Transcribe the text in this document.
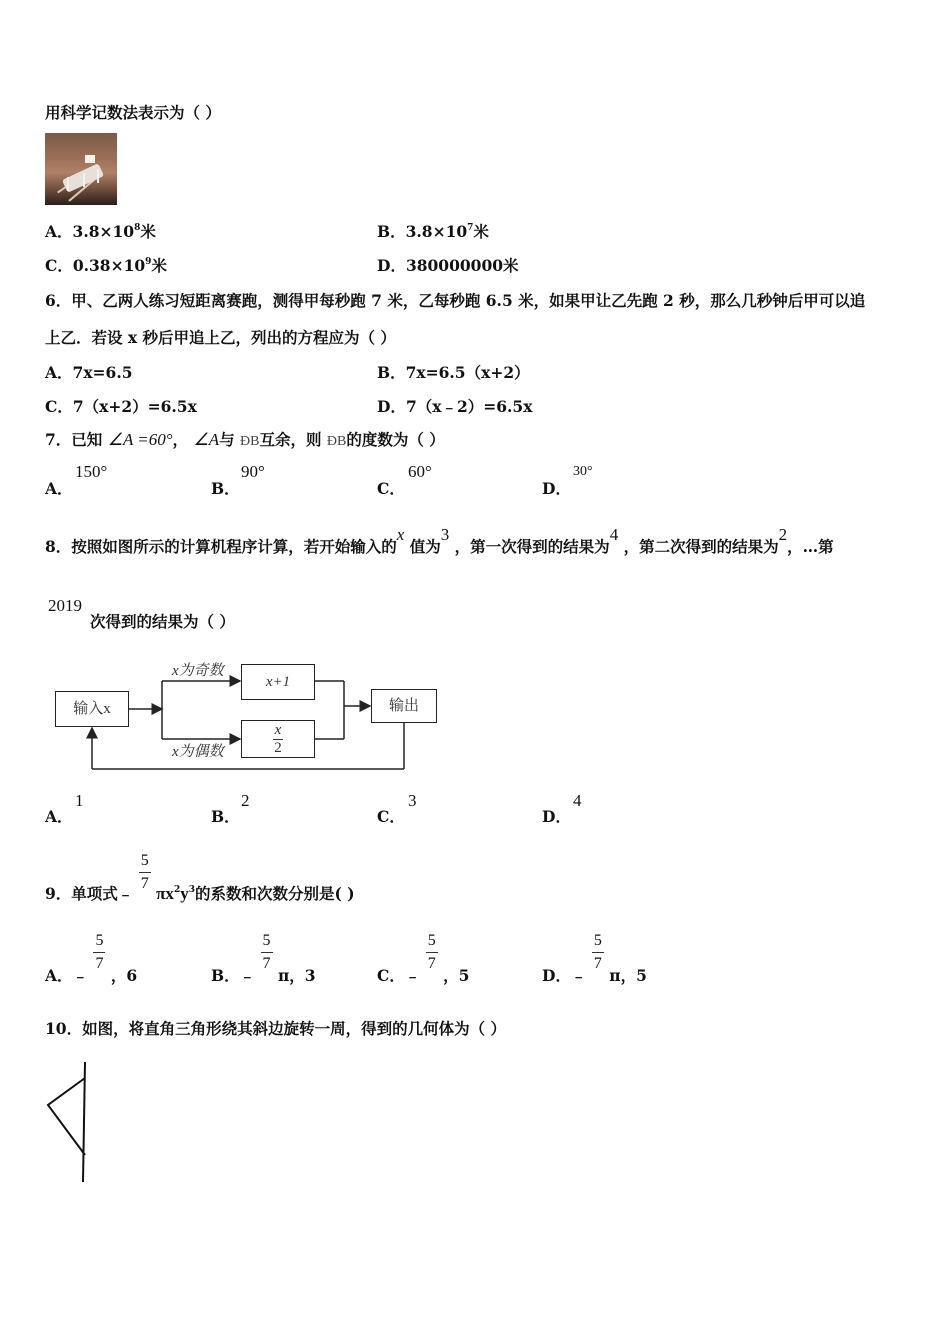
用科学记数法表示为（ ）
A．$3.8\times 10^8$米	B．$3.8\times 10^7$米
C．$0.38\times 10^9$米	D．380000000米
6．甲、乙两人练习短距离赛跑，测得甲每秒跑 7 米，乙每秒跑 6.5 米，如果甲让乙先跑 2 秒，那么几秒钟后甲可以追
上乙．若设 x 秒后甲追上乙，列出的方程应为（ ）
A．7x=6.5	B．7x=6.5（x+2）
C．7（x+2）=6.5x	D．7（x﹣2）=6.5x
7．已知 ∠A =60°， ∠A与 ÐB互余，则 ÐB的度数为（ ）
A．
150°
B．
90°
C．
60°
D．
30°
8．按照如图所示的计算机程序计算，若开始输入的x 值为3 ，第一次得到的结果为4 ，第二次得到的结果为2，…第
2019
次得到的结果为（ ）
输入x
x为奇数
x+1
$\frac{x}{2}$
x为偶数
输出
A．
1
B．
2
C．
3
D．
4
9．单项式﹣
$\frac{5}{7}$
$\pi x^2y^3$的系数和次数分别是( )
A．﹣
$\frac{5}{7}$
，6	B．﹣
$\frac{5}{7}$
π，3	C．﹣
$\frac{5}{7}$
，5	D．﹣
$\frac{5}{7}$
π，5
10．如图，将直角三角形绕其斜边旋转一周，得到的几何体为（ ）
